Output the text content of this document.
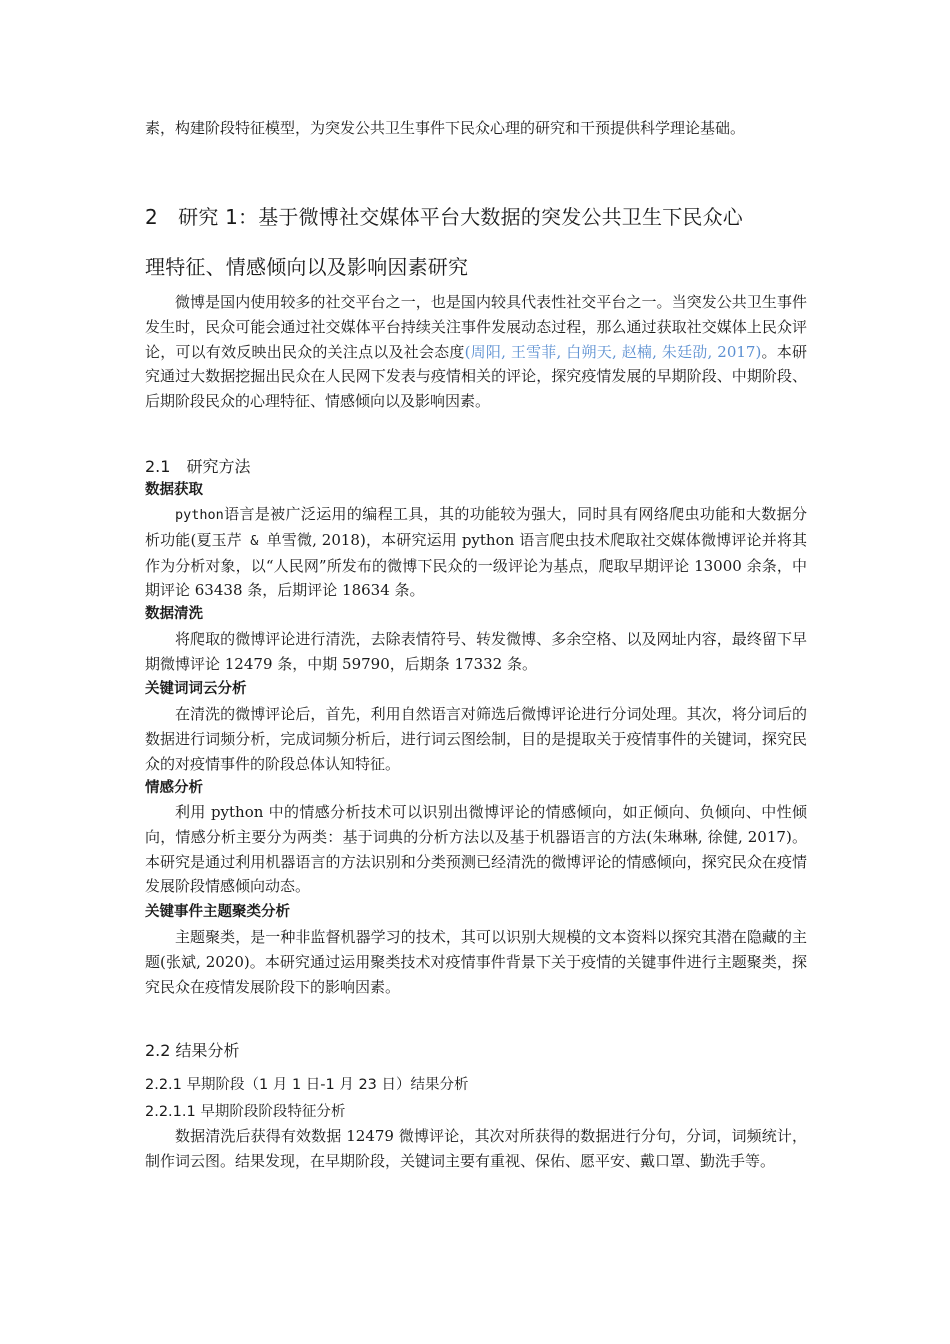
素，构建阶段特征模型，为突发公共卫生事件下民众心理的研究和干预提供科学理论基础。

2　研究 1：基于微博社交媒体平台大数据的突发公共卫生下民众心
理特征、情感倾向以及影响因素研究

微博是国内使用较多的社交平台之一，也是国内较具代表性社交平台之一。当突发公共卫生事件发生时，民众可能会通过社交媒体平台持续关注事件发展动态过程，那么通过获取社交媒体上民众评论，可以有效反映出民众的关注点以及社会态度(周阳, 王雪菲, 白朔天, 赵楠, 朱廷劭, 2017)。本研究通过大数据挖掘出民众在人民网下发表与疫情相关的评论，探究疫情发展的早期阶段、中期阶段、后期阶段民众的心理特征、情感倾向以及影响因素。

2.1　研究方法
数据获取

python语言是被广泛运用的编程工具，其的功能较为强大，同时具有网络爬虫功能和大数据分析功能(夏玉芹 & 单雪微, 2018)，本研究运用 python 语言爬虫技术爬取社交媒体微博评论并将其作为分析对象，以“人民网”所发布的微博下民众的一级评论为基点，爬取早期评论 13000 余条，中期评论 63438 条，后期评论 18634 条。

数据清洗

将爬取的微博评论进行清洗，去除表情符号、转发微博、多余空格、以及网址内容，最终留下早期微博评论 12479 条，中期 59790，后期条 17332 条。

关键词词云分析

在清洗的微博评论后，首先，利用自然语言对筛选后微博评论进行分词处理。其次，将分词后的数据进行词频分析，完成词频分析后，进行词云图绘制，目的是提取关于疫情事件的关键词，探究民众的对疫情事件的阶段总体认知特征。

情感分析

利用 python 中的情感分析技术可以识别出微博评论的情感倾向，如正倾向、负倾向、中性倾向，情感分析主要分为两类：基于词典的分析方法以及基于机器语言的方法(朱琳琳, 徐健, 2017)。本研究是通过利用机器语言的方法识别和分类预测已经清洗的微博评论的情感倾向，探究民众在疫情发展阶段情感倾向动态。

关键事件主题聚类分析

主题聚类，是一种非监督机器学习的技术，其可以识别大规模的文本资料以探究其潜在隐藏的主题(张斌, 2020)。本研究通过运用聚类技术对疫情事件背景下关于疫情的关键事件进行主题聚类，探究民众在疫情发展阶段下的影响因素。

2.2 结果分析
2.2.1 早期阶段（1 月 1 日-1 月 23 日）结果分析
2.2.1.1 早期阶段阶段特征分析

数据清洗后获得有效数据 12479 微博评论，其次对所获得的数据进行分句，分词，词频统计，制作词云图。结果发现，在早期阶段，关键词主要有重视、保佑、愿平安、戴口罩、勤洗手等。
